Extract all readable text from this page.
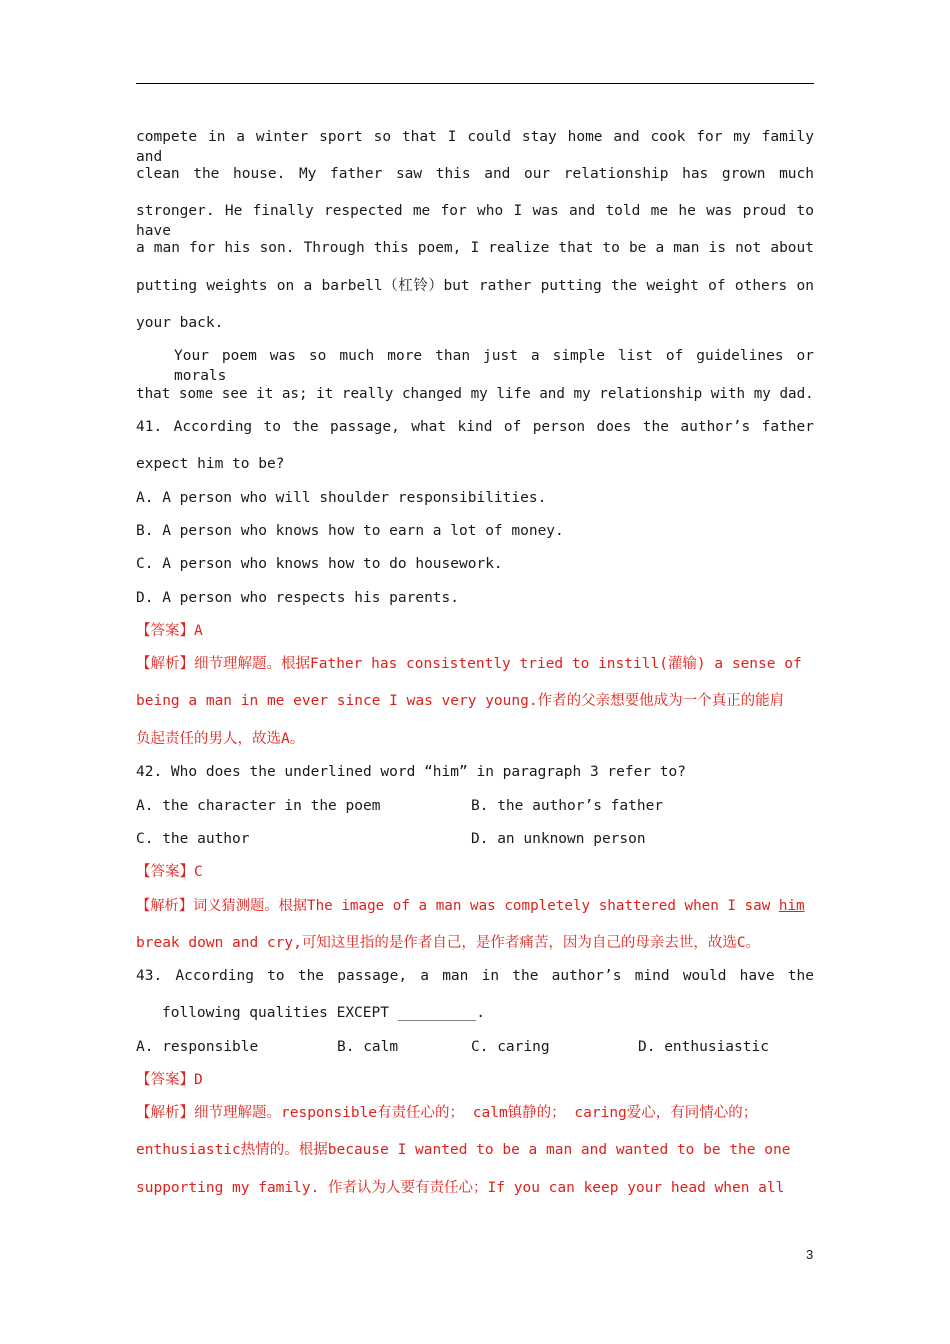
compete in a winter sport so that I could stay home and cook for my family and
clean the house. My father saw this and our relationship has grown much
stronger. He finally respected me for who I was and told me he was proud to have
a man for his son. Through this poem, I realize that to be a man is not about
putting weights on a barbell（杠铃）but rather putting the weight of others on
your back.
Your poem was so much more than just a simple list of guidelines or morals
that some see it as; it really changed my life and my relationship with my dad.
41. According to the passage, what kind of person does the author’s father
expect him to be?
A. A person who will shoulder responsibilities.
B. A person who knows how to earn a lot of money.
C. A person who knows how to do housework.
D. A person who respects his parents.
【答案】A
【解析】细节理解题。根据Father has consistently tried to instill(灌输) a sense of
being a man in me ever since I was very young.作者的父亲想要他成为一个真正的能肩
负起责任的男人，故选A。
42. Who does the underlined word “him” in paragraph 3 refer to?
A. the character in the poem	B. the author’s father
C. the author	D. an unknown person
【答案】C
【解析】词义猜测题。根据The image of a man was completely shattered when I saw him
break down and cry,可知这里指的是作者自己，是作者痛苦，因为自己的母亲去世，故选C。
43. According to the passage, a man in the author’s mind would have the
following qualities EXCEPT _________.
A. responsible	B. calm	C. caring	D. enthusiastic
【答案】D
【解析】细节理解题。responsible有责任心的； calm镇静的； caring爱心，有同情心的；
enthusiastic热情的。根据because I wanted to be a man and wanted to be the one
supporting my family. 作者认为人要有责任心；If you can keep your head when all
3
